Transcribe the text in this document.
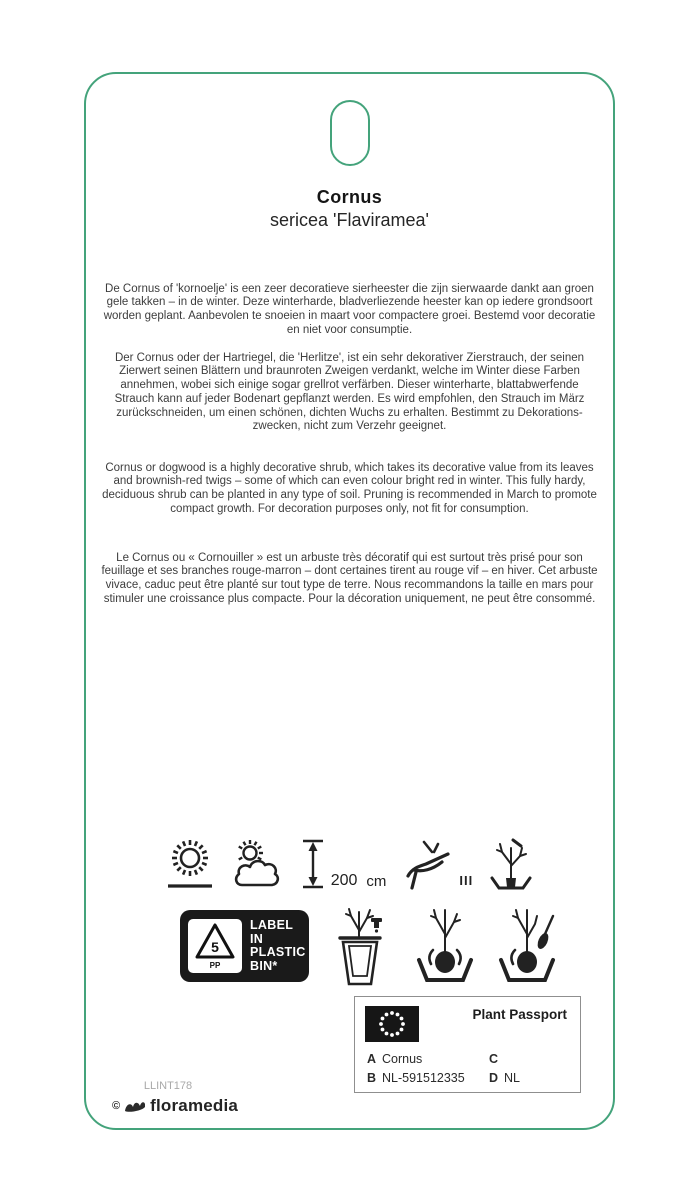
Cornus
sericea 'Flaviramea'

De Cornus of 'kornoelje' is een zeer decoratieve sierheester die zijn sierwaarde dankt aan groen gele takken – in de winter. Deze winterharde, bladverliezende heester kan op iedere grondsoort worden geplant. Aanbevolen te snoeien in maart voor compactere groei. Bestemd voor decoratie en niet voor consumptie.

Der Cornus oder der Hartriegel, die 'Herlitze', ist ein sehr dekorativer Zierstrauch, der seinen Zierwert seinen Blättern und braunroten Zweigen verdankt, welche im Winter diese Farben annehmen, wobei sich einige sogar grellrot verfärben. Dieser winterharte, blattabwerfende Strauch kann auf jeder Bodenart gepflanzt werden. Es wird empfohlen, den Strauch im März zurückschneiden, um einen schönen, dichten Wuchs zu erhalten. Bestimmt zu Dekorations- zwecken, nicht zum Verzehr geeignet.

Cornus or dogwood is a highly decorative shrub, which takes its decorative value from its leaves and brownish-red twigs – some of which can even colour bright red in winter. This fully hardy, deciduous shrub can be planted in any type of soil. Pruning is recommended in March to promote compact growth. For decoration purposes only, not fit for consumption.

Le Cornus ou « Cornouiller » est un arbuste très décoratif qui est surtout très prisé pour son feuillage et ses branches rouge-marron – dont certaines tirent au rouge vif – en hiver. Cet arbuste vivace, caduc peut être planté sur tout type de terre. Nous recommandons la taille en mars pour stimuler une croissance plus compacte. Pour la décoration uniquement, ne peut être consommé.

200 cm	III
5
PP
LABEL IN
PLASTIC
BIN*
Plant Passport
A Cornus
B NL-591512335
C
D NL
LLINT178
© floramedia
